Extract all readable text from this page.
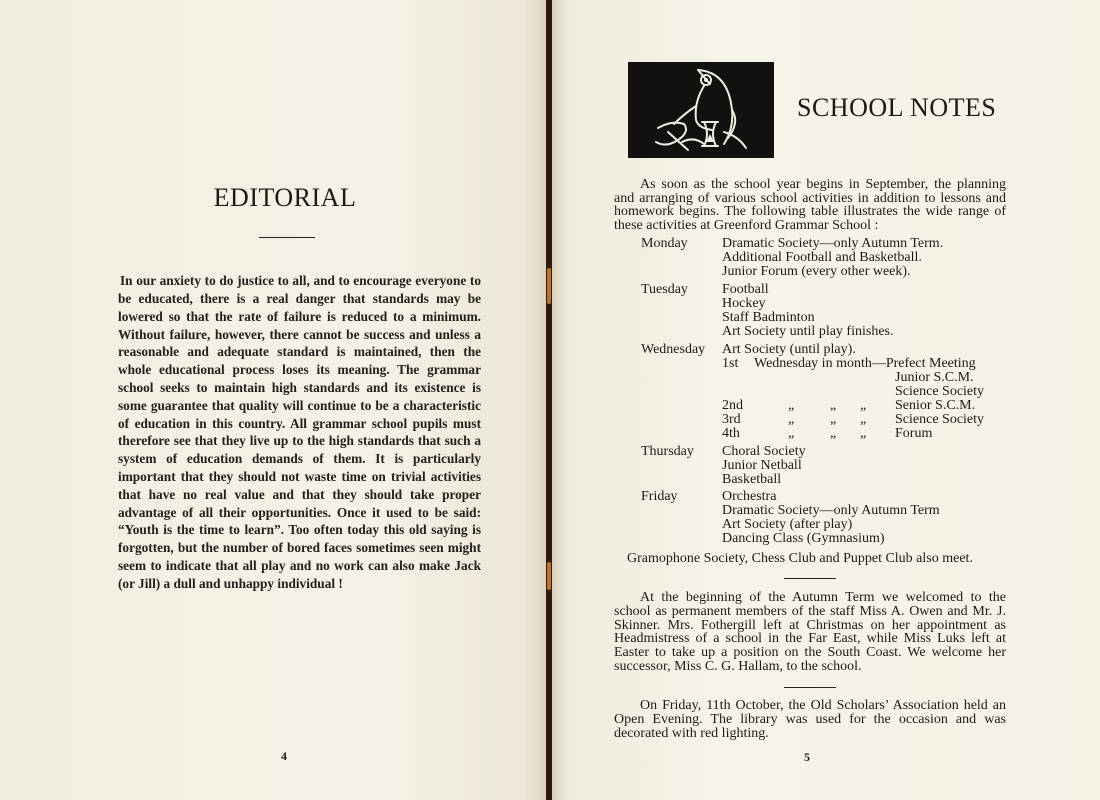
EDITORIAL

In our anxiety to do justice to all, and to encourage everyone to be educated, there is a real danger that standards may be lowered so that the rate of failure is reduced to a minimum. Without failure, however, there cannot be success and unless a reasonable and adequate standard is maintained, then the whole educational process loses its meaning. The grammar school seeks to maintain high standards and its existence is some guarantee that quality will continue to be a characteristic of education in this country. All grammar school pupils must therefore see that they live up to the high standards that such a system of education demands of them. It is particularly important that they should not waste time on trivial activities that have no real value and that they should take proper advantage of all their opportunities. Once it used to be said: “Youth is the time to learn”. Too often today this old saying is forgotten, but the number of bored faces sometimes seen might seem to indicate that all play and no work can also make Jack (or Jill) a dull and unhappy individual !

4
SCHOOL NOTES

As soon as the school year begins in September, the planning and arranging of various school activities in addition to lessons and homework begins. The following table illustrates the wide range of these activities at Greenford Grammar School :

Monday Dramatic Society—only Autumn Term.
Additional Football and Basketball.
Junior Forum (every other week).
Tuesday Football
Hockey
Staff Badminton
Art Society until play finishes.
Wednesday Art Society (until play).
1st Wednesday in month—Prefect Meeting
Junior S.C.M.
Science Society
2nd	„	„ „ Senior S.C.M.
3rd	„	„ „ Science Society
4th	„	„ „ Forum
Thursday Choral Society
Junior Netball
Basketball
Friday	Orchestra
Dramatic Society—only Autumn Term
Art Society (after play)
Dancing Class (Gymnasium)
Gramophone Society, Chess Club and Puppet Club also meet.

At the beginning of the Autumn Term we welcomed to the school as permanent members of the staff Miss A. Owen and Mr. J. Skinner. Mrs. Fothergill left at Christmas on her appointment as Headmistress of a school in the Far East, while Miss Luks left at Easter to take up a position on the South Coast. We welcome her successor, Miss C. G. Hallam, to the school.

On Friday, 11th October, the Old Scholars’ Association held an Open Evening. The library was used for the occasion and was decorated with red lighting.

5
